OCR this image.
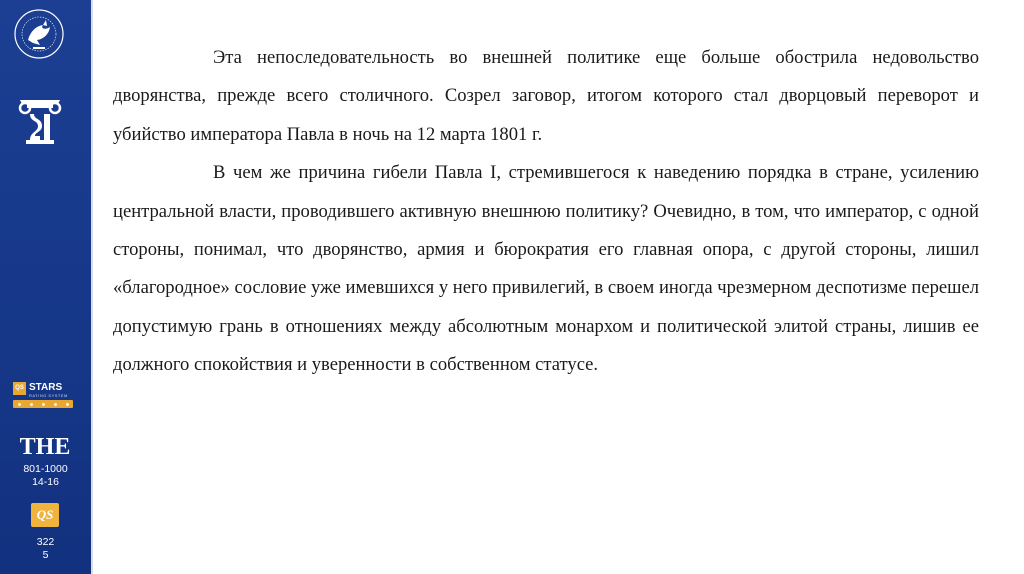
QS STARS
RATING SYSTEM
THE
801-1000
14-16
QS
322
5

Эта непоследовательность во внешней политике еще больше обострила недовольство дворянства, прежде всего столичного. Созрел заговор, итогом которого стал дворцовый переворот и убийство императора Павла в ночь на 12 марта 1801 г.

В чем же причина гибели Павла I, стремившегося к наведению порядка в стране, усилению центральной власти, проводившего активную внешнюю политику? Очевидно, в том, что император, с одной стороны, понимал, что дворянство, армия и бюрократия его главная опора, с другой стороны, лишил «благородное» сословие уже имевшихся у него привилегий, в своем иногда чрезмерном деспотизме перешел допустимую грань в отношениях между абсолютным монархом и политической элитой страны, лишив ее должного спокойствия и уверенности в собственном статусе.
